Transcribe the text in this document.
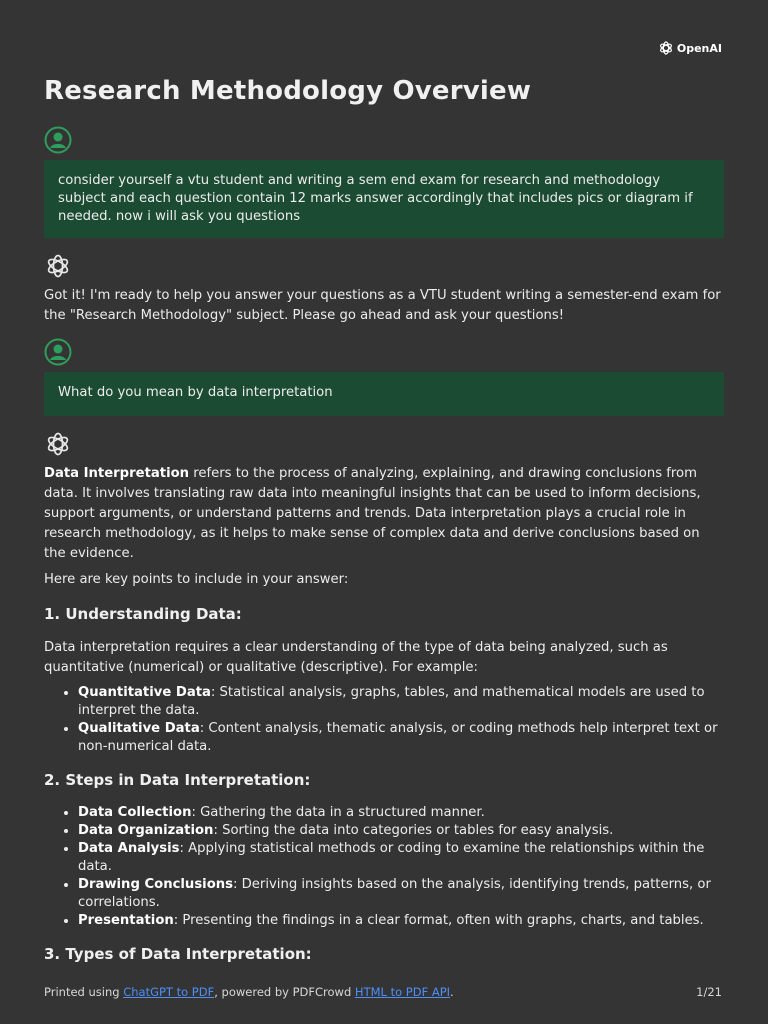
OpenAI
Research Methodology Overview
consider yourself a vtu student and writing a sem end exam for research and methodology subject and each question contain 12 marks answer accordingly that includes pics or diagram if needed. now i will ask you questions
Got it! I'm ready to help you answer your questions as a VTU student writing a semester-end exam for the "Research Methodology" subject. Please go ahead and ask your questions!
What do you mean by data interpretation

Data Interpretation refers to the process of analyzing, explaining, and drawing conclusions from data. It involves translating raw data into meaningful insights that can be used to inform decisions, support arguments, or understand patterns and trends. Data interpretation plays a crucial role in research methodology, as it helps to make sense of complex data and derive conclusions based on the evidence.

Here are key points to include in your answer:

1. Understanding Data:

Data interpretation requires a clear understanding of the type of data being analyzed, such as quantitative (numerical) or qualitative (descriptive). For example:

• Quantitative Data: Statistical analysis, graphs, tables, and mathematical models are used to interpret the data.
• Qualitative Data: Content analysis, thematic analysis, or coding methods help interpret text or non-numerical data.
2. Steps in Data Interpretation:
• Data Collection: Gathering the data in a structured manner.
• Data Organization: Sorting the data into categories or tables for easy analysis.
• Data Analysis: Applying statistical methods or coding to examine the relationships within the data.
• Drawing Conclusions: Deriving insights based on the analysis, identifying trends, patterns, or correlations.
• Presentation: Presenting the findings in a clear format, often with graphs, charts, and tables.
3. Types of Data Interpretation:
Printed using ChatGPT to PDF, powered by PDFCrowd HTML to PDF API.	1/21
